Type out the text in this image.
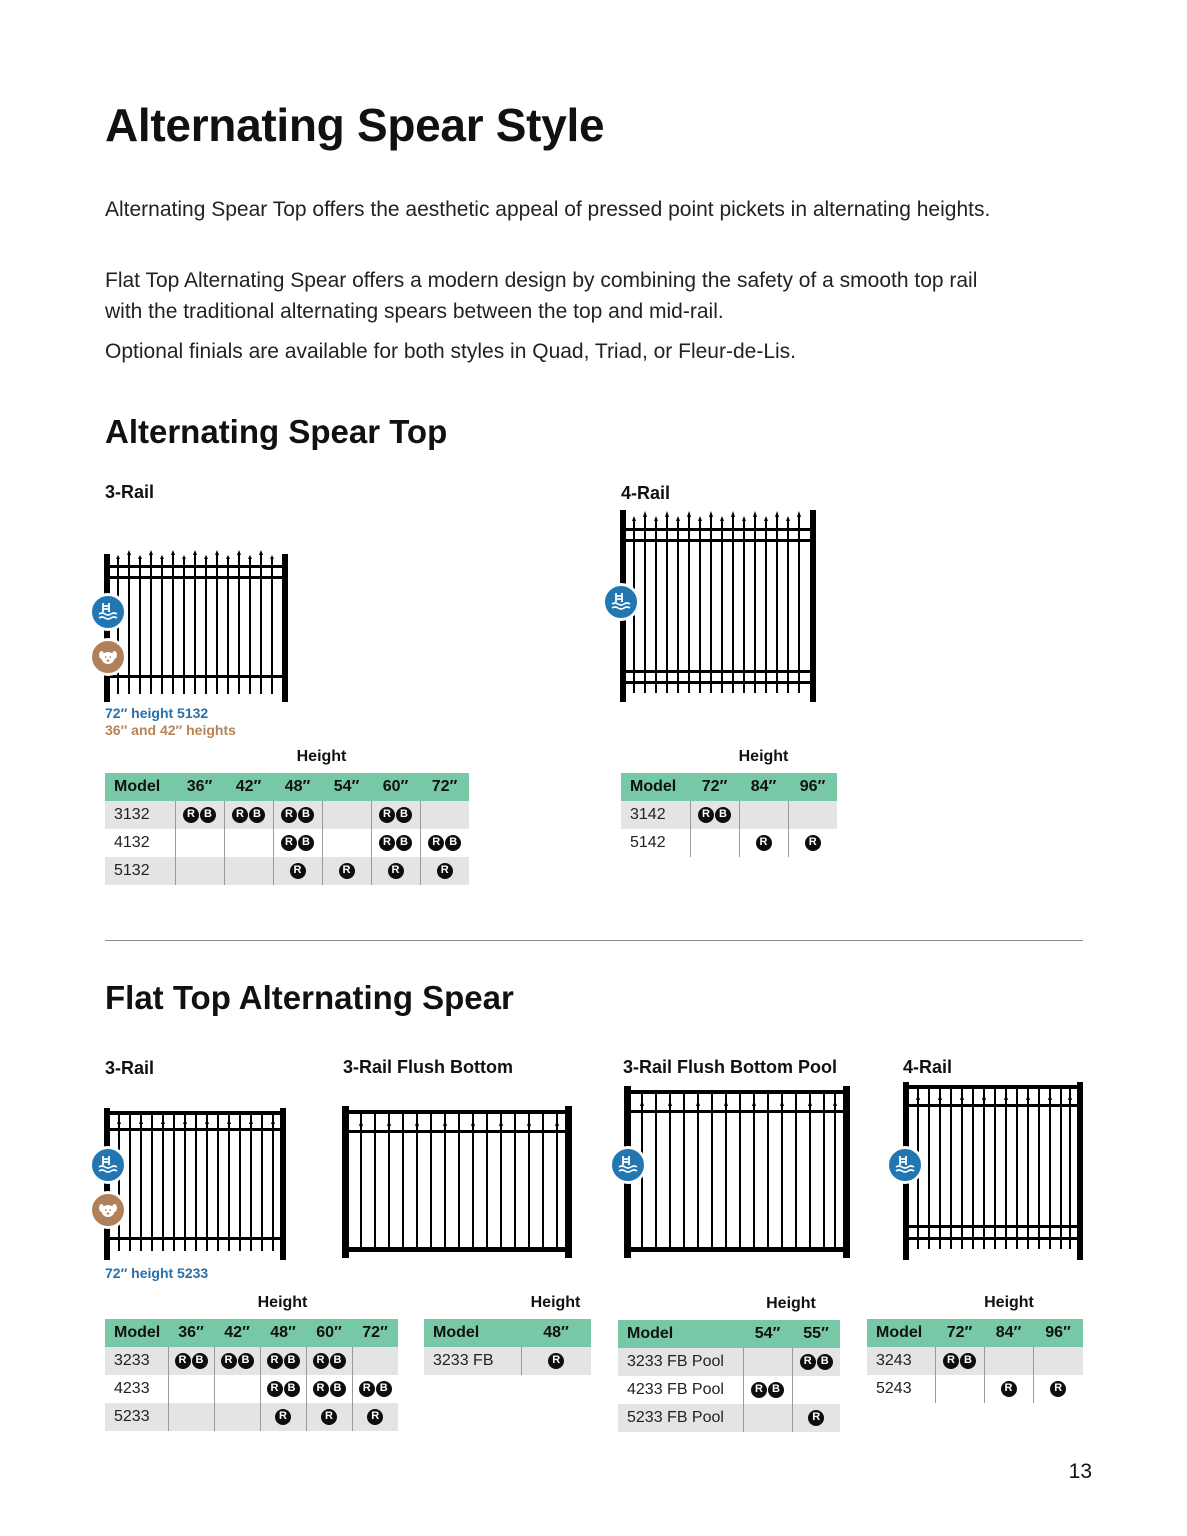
Alternating Spear Style

Alternating Spear Top offers the aesthetic appeal of pressed point pickets in alternating heights.

Flat Top Alternating Spear offers a modern design by combining the safety of a smooth top rail with the traditional alternating spears between the top and mid-rail.

Optional finials are available for both styles in Quad, Triad, or Fleur-de-Lis.

Alternating Spear Top
3-Rail	4-Rail
72″ height 5132
36″ and 42″ heights
Height
Model	36″	42″	48″	54″	60″	72″
3132	R B	R B	R B		R B	

4132			R B		R B	R B

5132			R	R	R	R
Height
Model	72″	84″	96″
3142	R B		

5142		R	R
Flat Top Alternating Spear
3-Rail	3-Rail Flush Bottom	3-Rail Flush Bottom Pool	4-Rail
72″ height 5233
Height
Model	36″	42″	48″	60″	72″
3233	R B	R B	R B	R B	

4233			R B	R B	R B

5233			R	R	R
Height
Model	48″
3233 FB	R
Height
Model	54″	55″
3233 FB Pool		R B

4233 FB Pool	R B	

5233 FB Pool		R
Height
Model	72″	84″	96″
3243	R B		

5243		R	R
13
